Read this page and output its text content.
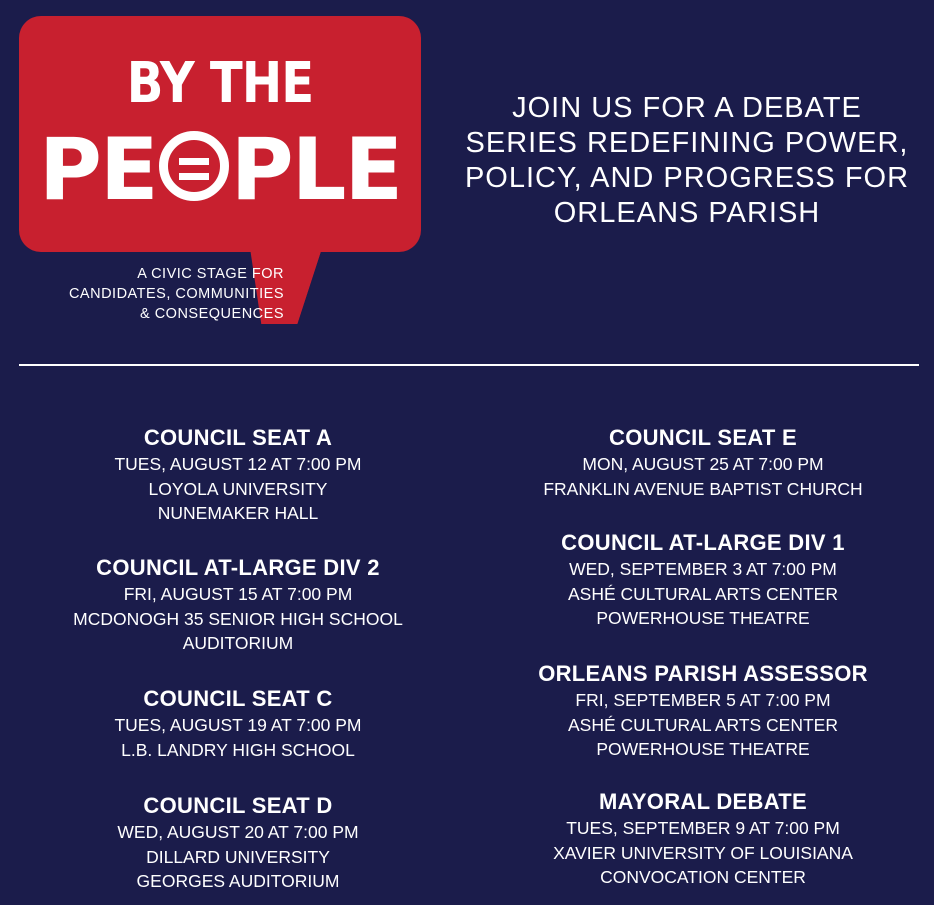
BY THE
PE PLE
A CIVIC STAGE FOR
CANDIDATES, COMMUNITIES
& CONSEQUENCES
JOIN US FOR A DEBATE
SERIES REDEFINING POWER,
POLICY, AND PROGRESS FOR
ORLEANS PARISH
COUNCIL SEAT A
TUES, AUGUST 12 AT 7:00 PM
LOYOLA UNIVERSITY
NUNEMAKER HALL
COUNCIL AT-LARGE DIV 2
FRI, AUGUST 15 AT 7:00 PM
MCDONOGH 35 SENIOR HIGH SCHOOL
AUDITORIUM
COUNCIL SEAT C
TUES, AUGUST 19 AT 7:00 PM
L.B. LANDRY HIGH SCHOOL
COUNCIL SEAT D
WED, AUGUST 20 AT 7:00 PM
DILLARD UNIVERSITY
GEORGES AUDITORIUM
COUNCIL SEAT E
MON, AUGUST 25 AT 7:00 PM
FRANKLIN AVENUE BAPTIST CHURCH
COUNCIL AT-LARGE DIV 1
WED, SEPTEMBER 3 AT 7:00 PM
ASHÉ CULTURAL ARTS CENTER
POWERHOUSE THEATRE
ORLEANS PARISH ASSESSOR
FRI, SEPTEMBER 5 AT 7:00 PM
ASHÉ CULTURAL ARTS CENTER
POWERHOUSE THEATRE
MAYORAL DEBATE
TUES, SEPTEMBER 9 AT 7:00 PM
XAVIER UNIVERSITY OF LOUISIANA
CONVOCATION CENTER
